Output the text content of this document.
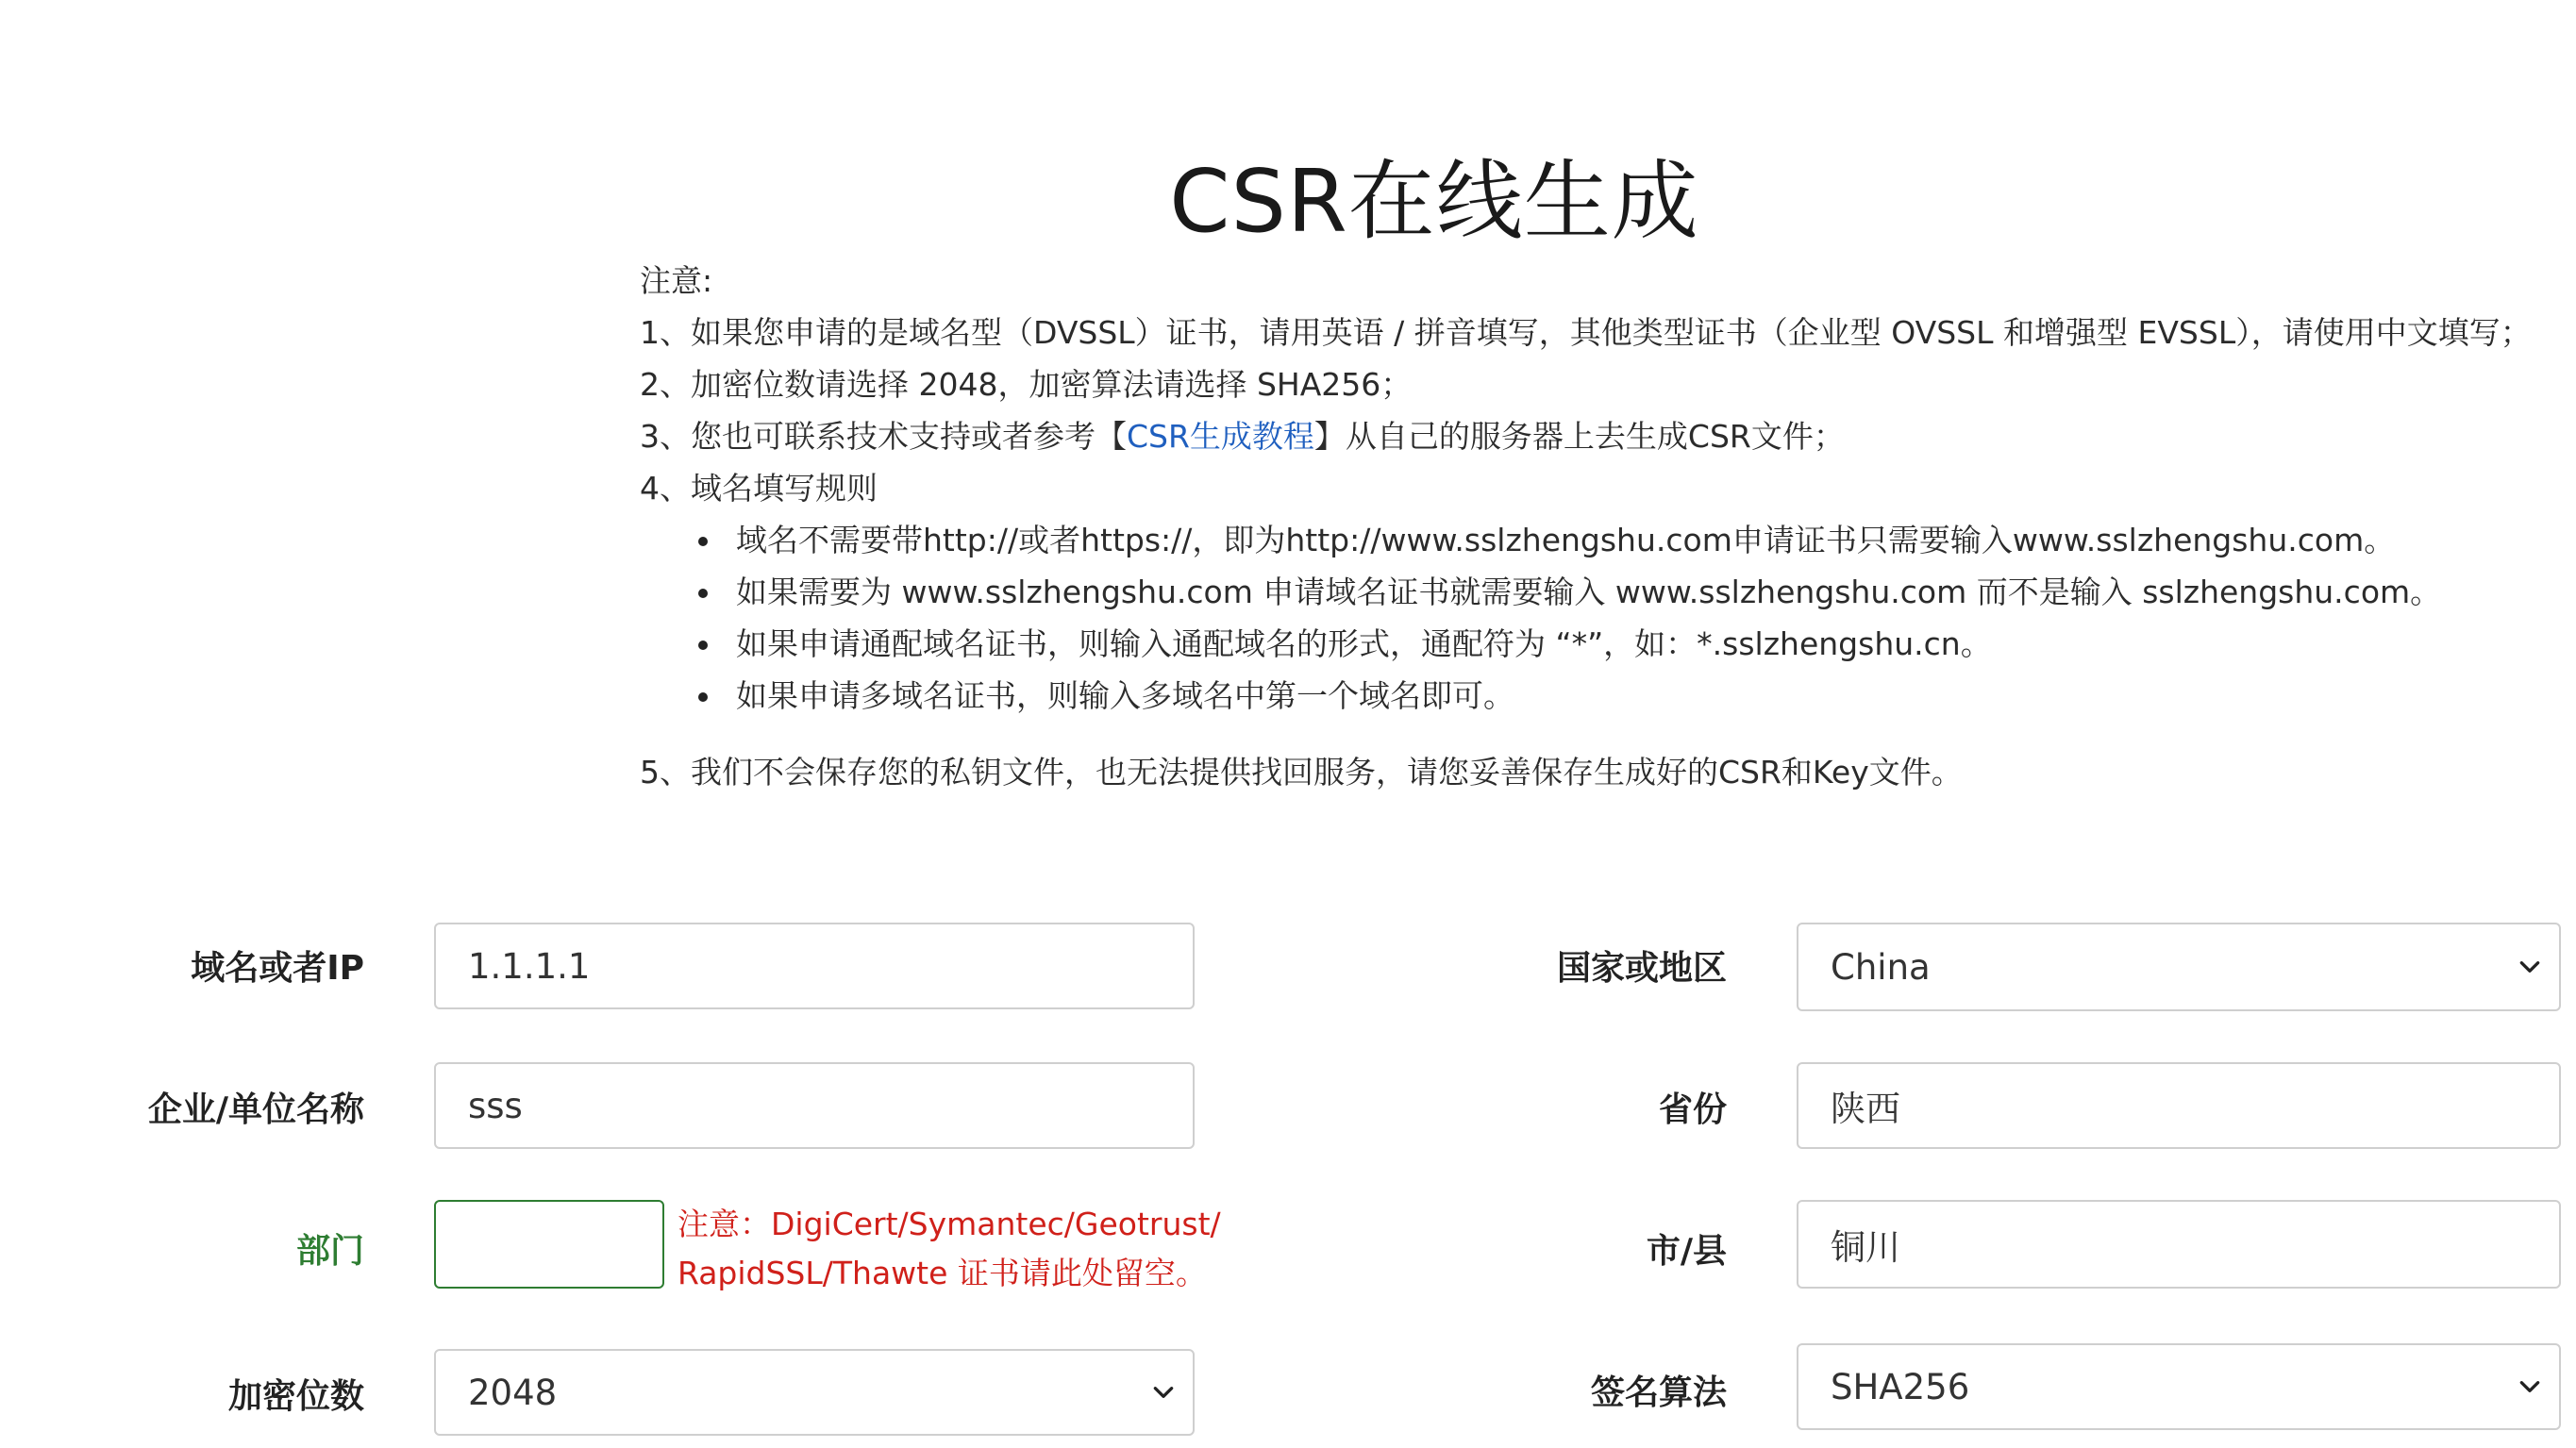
CSR在线生成
注意:
1、如果您申请的是域名型（DVSSL）证书，请用英语 / 拼音填写，其他类型证书（企业型 OVSSL 和增强型 EVSSL），请使用中文填写；
2、加密位数请选择 2048，加密算法请选择 SHA256；
3、您也可联系技术支持或者参考【CSR生成教程】从自己的服务器上去生成CSR文件；
4、域名填写规则
域名不需要带http://或者https://，即为http://www.sslzhengshu.com申请证书只需要输入www.sslzhengshu.com。
如果需要为 www.sslzhengshu.com 申请域名证书就需要输入 www.sslzhengshu.com 而不是输入 sslzhengshu.com。
如果申请通配域名证书，则输入通配域名的形式，通配符为 “*”，如：*.sslzhengshu.cn。
如果申请多域名证书，则输入多域名中第一个域名即可。
5、我们不会保存您的私钥文件，也无法提供找回服务，请您妥善保存生成好的CSR和Key文件。
域名或者IP	1.1.1.1
企业/单位名称	sss
部门
注意：DigiCert/Symantec/Geotrust/
RapidSSL/Thawte 证书请此处留空。
加密位数	2048
国家或地区	China
省份	陕西
市/县	铜川
签名算法	SHA256
